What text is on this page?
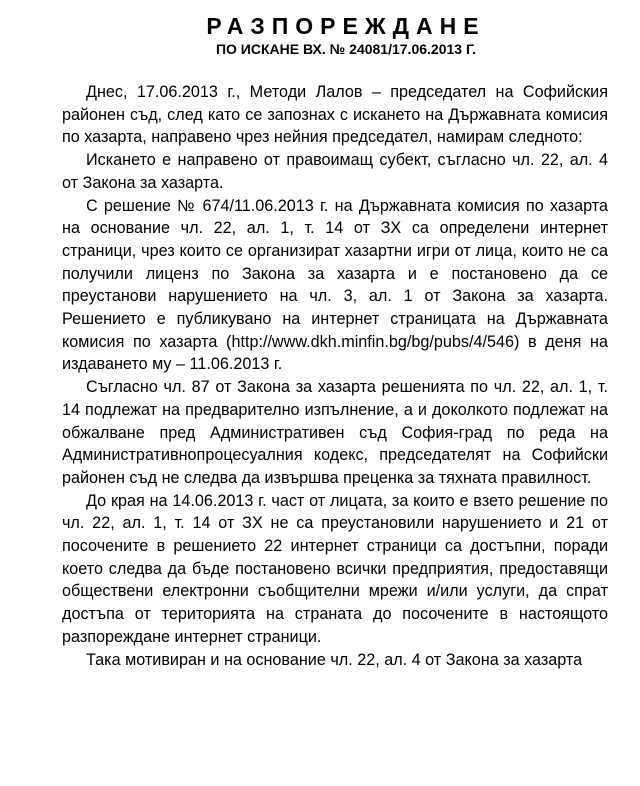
РАЗПОРЕЖДАНЕ
ПО ИСКАНЕ ВХ. № 24081/17.06.2013 Г.

Днес, 17.06.2013 г., Методи Лалов – председател на Софийския районен съд, след като се запознах с искането на Държавната комисия по хазарта, направено чрез нейния председател, намирам следното:

Искането е направено от правоимащ субект, съгласно чл. 22, ал. 4 от Закона за хазарта.

С решение № 674/11.06.2013 г. на Държавната комисия по хазарта на основание чл. 22, ал. 1, т. 14 от ЗХ са определени интернет страници, чрез които се организират хазартни игри от лица, които не са получили лиценз по Закона за хазарта и е постановено да се преустанови нарушението на чл. 3, ал. 1 от Закона за хазарта. Решението е публикувано на интернет страницата на Държавната комисия по хазарта (http://www.dkh.minfin.bg/bg/pubs/4/546) в деня на издаването му – 11.06.2013 г.

Съгласно чл. 87 от Закона за хазарта решенията по чл. 22, ал. 1, т. 14 подлежат на предварително изпълнение, а и доколкото подлежат на обжалване пред Административен съд София-град по реда на Административнопроцесуалния кодекс, председателят на Софийски районен съд не следва да извършва преценка за тяхната правилност.

До края на 14.06.2013 г. част от лицата, за които е взето решение по чл. 22, ал. 1, т. 14 от ЗХ не са преустановили нарушението и 21 от посочените в решението 22 интернет страници са достъпни, поради което следва да бъде постановено всички предприятия, предоставящи обществени електронни съобщителни мрежи и/или услуги, да спрат достъпа от територията на страната до посочените в настоящото разпореждане интернет страници.

Така мотивиран и на основание чл. 22, ал. 4 от Закона за хазарта
